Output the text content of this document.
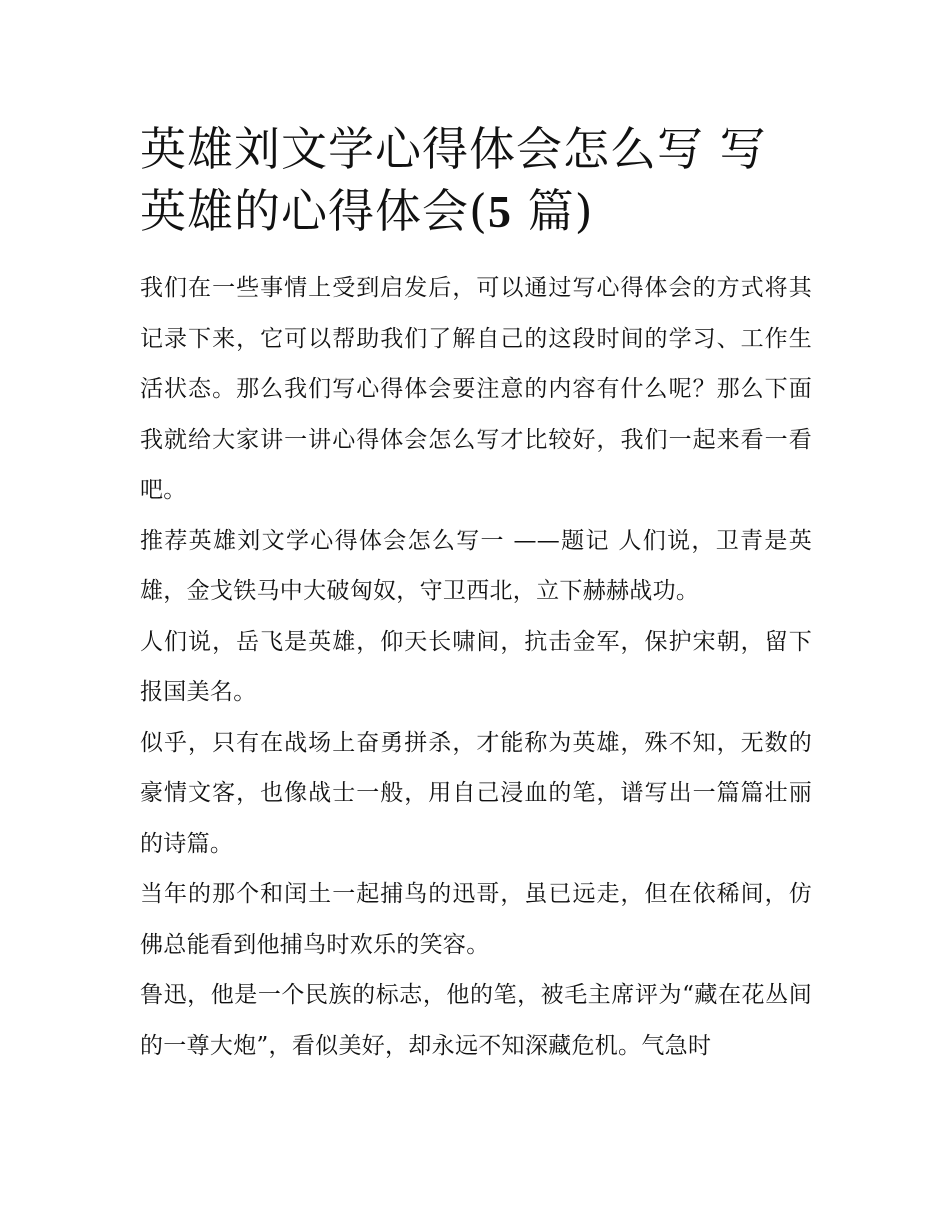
英雄刘文学心得体会怎么写 写英雄的心得体会(5 篇)

我们在一些事情上受到启发后，可以通过写心得体会的方式将其记录下来，它可以帮助我们了解自己的这段时间的学习、工作生活状态。那么我们写心得体会要注意的内容有什么呢？那么下面我就给大家讲一讲心得体会怎么写才比较好，我们一起来看一看吧。

推荐英雄刘文学心得体会怎么写一 ——题记 人们说，卫青是英雄，金戈铁马中大破匈奴，守卫西北，立下赫赫战功。

人们说，岳飞是英雄，仰天长啸间，抗击金军，保护宋朝，留下报国美名。

似乎，只有在战场上奋勇拼杀，才能称为英雄，殊不知，无数的豪情文客，也像战士一般，用自己浸血的笔，谱写出一篇篇壮丽的诗篇。

当年的那个和闰土一起捕鸟的迅哥，虽已远走，但在依稀间，仿佛总能看到他捕鸟时欢乐的笑容。

鲁迅，他是一个民族的标志，他的笔，被毛主席评为“藏在花丛间的一尊大炮”，看似美好，却永远不知深藏危机。气急时
